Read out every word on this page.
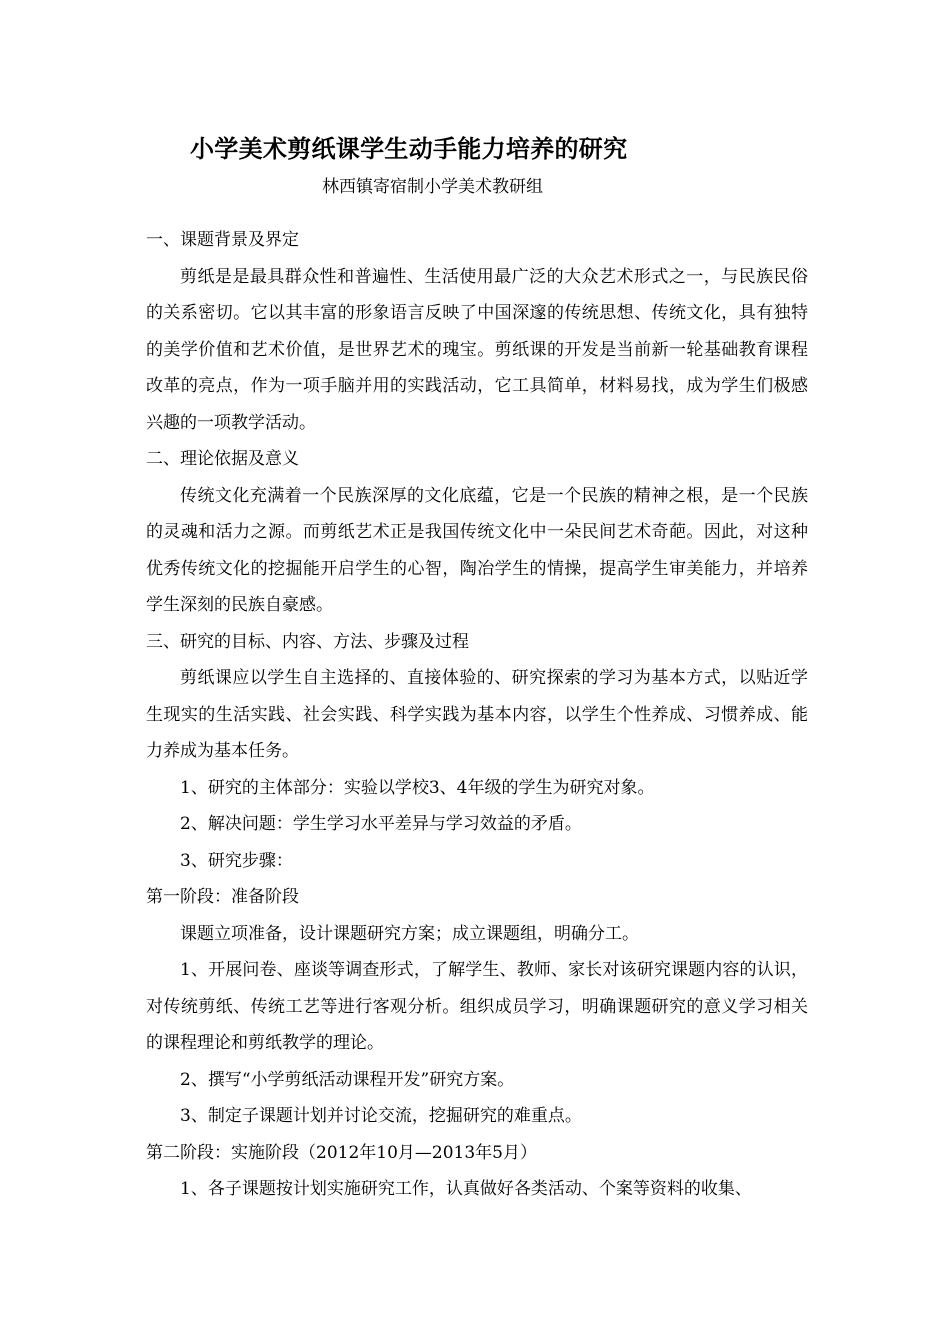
小学美术剪纸课学生动手能力培养的研究
林西镇寄宿制小学美术教研组

一、课题背景及界定

剪纸是是最具群众性和普遍性、生活使用最广泛的大众艺术形式之一，与民族民俗的关系密切。它以其丰富的形象语言反映了中国深邃的传统思想、传统文化，具有独特的美学价值和艺术价值，是世界艺术的瑰宝。剪纸课的开发是当前新一轮基础教育课程改革的亮点，作为一项手脑并用的实践活动，它工具简单，材料易找，成为学生们极感兴趣的一项教学活动。

二、理论依据及意义

传统文化充满着一个民族深厚的文化底蕴，它是一个民族的精神之根，是一个民族的灵魂和活力之源。而剪纸艺术正是我国传统文化中一朵民间艺术奇葩。因此，对这种优秀传统文化的挖掘能开启学生的心智，陶冶学生的情操，提高学生审美能力，并培养学生深刻的民族自豪感。

三、研究的目标、内容、方法、步骤及过程

剪纸课应以学生自主选择的、直接体验的、研究探索的学习为基本方式，以贴近学生现实的生活实践、社会实践、科学实践为基本内容，以学生个性养成、习惯养成、能力养成为基本任务。

1、研究的主体部分：实验以学校3、4年级的学生为研究对象。

2、解决问题：学生学习水平差异与学习效益的矛盾。

3、研究步骤：

第一阶段：准备阶段

课题立项准备，设计课题研究方案；成立课题组，明确分工。

1、开展问卷、座谈等调查形式，了解学生、教师、家长对该研究课题内容的认识，对传统剪纸、传统工艺等进行客观分析。组织成员学习，明确课题研究的意义学习相关的课程理论和剪纸教学的理论。

2、撰写“小学剪纸活动课程开发”研究方案。

3、制定子课题计划并讨论交流，挖掘研究的难重点。

第二阶段：实施阶段（2012年10月—2013年5月）

1、各子课题按计划实施研究工作，认真做好各类活动、个案等资料的收集、
